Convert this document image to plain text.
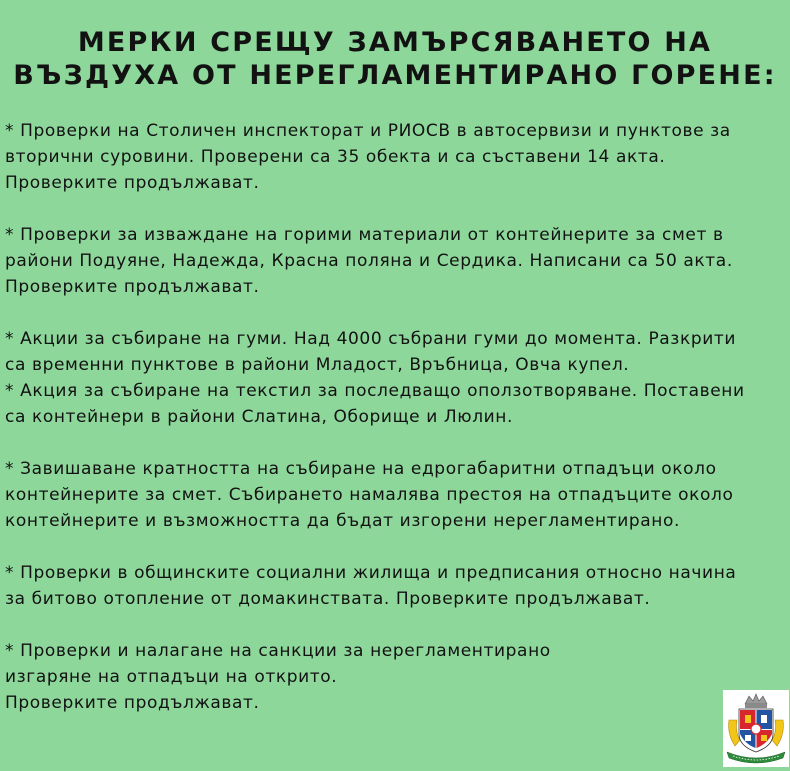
МЕРКИ СРЕЩУ ЗАМЪРСЯВАНЕТО НА
ВЪЗДУХА ОТ НЕРЕГЛАМЕНТИРАНО ГОРЕНЕ:
* Проверки на Столичен инспекторат и РИОСВ в автосервизи и пунктове за
вторични суровини. Проверени са 35 обекта и са съставени 14 акта.
Проверките продължават.
* Проверки за изваждане на горими материали от контейнерите за смет в
райони Подуяне, Надежда, Красна поляна и Сердика. Написани са 50 акта.
Проверките продължават.
* Акции за събиране на гуми. Над 4000 събрани гуми до момента. Разкрити
са временни пунктове в райони Младост, Връбница, Овча купел.
* Акция за събиране на текстил за последващо оползотворяване. Поставени
са контейнери в райони Слатина, Оборище и Люлин.
* Завишаване кратността на събиране на едрогабаритни отпадъци около
контейнерите за смет. Събирането намалява престоя на отпадъците около
контейнерите и възможността да бъдат изгорени нерегламентирано.
* Проверки в общинските социални жилища и предписания относно начина
за битово отопление от домакинствата. Проверките продължават.
* Проверки и налагане на санкции за нерегламентирано
изгаряне на отпадъци на открито.
Проверките продължават.
